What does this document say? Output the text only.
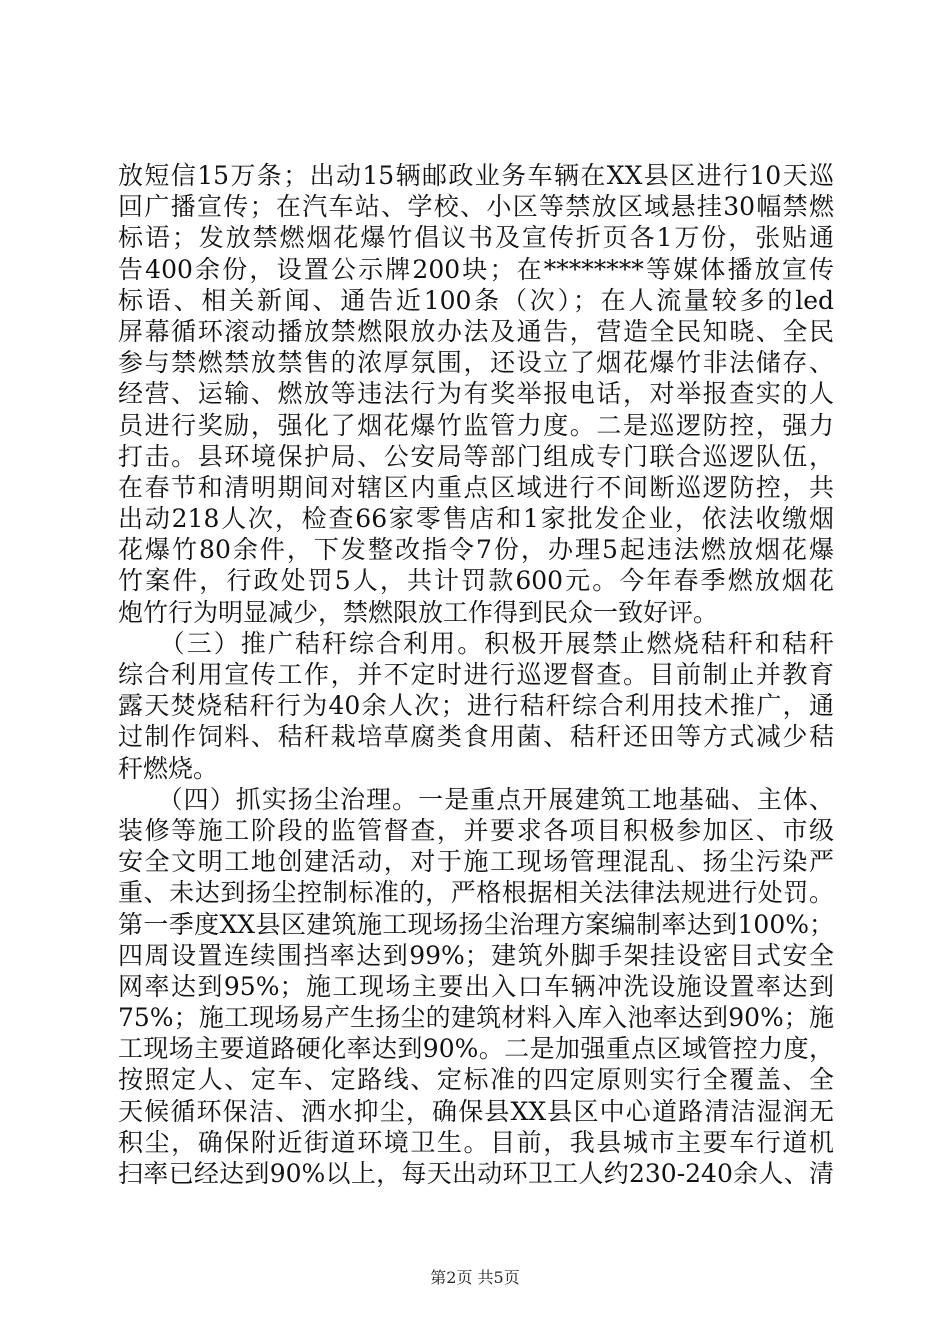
放短信15万条；出动15辆邮政业务车辆在XX县区进行10天巡
回广播宣传；在汽车站、学校、小区等禁放区域悬挂30幅禁燃
标语；发放禁燃烟花爆竹倡议书及宣传折页各1万份，张贴通
告400余份，设置公示牌200块；在********等媒体播放宣传
标语、相关新闻、通告近100条（次）；在人流量较多的led
屏幕循环滚动播放禁燃限放办法及通告，营造全民知晓、全民
参与禁燃禁放禁售的浓厚氛围，还设立了烟花爆竹非法储存、
经营、运输、燃放等违法行为有奖举报电话，对举报查实的人
员进行奖励，强化了烟花爆竹监管力度。二是巡逻防控，强力
打击。县环境保护局、公安局等部门组成专门联合巡逻队伍，
在春节和清明期间对辖区内重点区域进行不间断巡逻防控，共
出动218人次，检查66家零售店和1家批发企业，依法收缴烟
花爆竹80余件，下发整改指令7份，办理5起违法燃放烟花爆
竹案件，行政处罚5人，共计罚款600元。今年春季燃放烟花
炮竹行为明显减少，禁燃限放工作得到民众一致好评。
　　（三）推广秸秆综合利用。积极开展禁止燃烧秸秆和秸秆
综合利用宣传工作，并不定时进行巡逻督查。目前制止并教育
露天焚烧秸秆行为40余人次；进行秸秆综合利用技术推广，通
过制作饲料、秸秆栽培草腐类食用菌、秸秆还田等方式减少秸
秆燃烧。
　　（四）抓实扬尘治理。一是重点开展建筑工地基础、主体、
装修等施工阶段的监管督查，并要求各项目积极参加区、市级
安全文明工地创建活动，对于施工现场管理混乱、扬尘污染严
重、未达到扬尘控制标准的，严格根据相关法律法规进行处罚。
第一季度XX县区建筑施工现场扬尘治理方案编制率达到100%；
四周设置连续围挡率达到99%；建筑外脚手架挂设密目式安全
网率达到95%；施工现场主要出入口车辆冲洗设施设置率达到
75%；施工现场易产生扬尘的建筑材料入库入池率达到90%；施
工现场主要道路硬化率达到90%。二是加强重点区域管控力度，
按照定人、定车、定路线、定标准的四定原则实行全覆盖、全
天候循环保洁、洒水抑尘，确保县XX县区中心道路清洁湿润无
积尘，确保附近街道环境卫生。目前，我县城市主要车行道机
扫率已经达到90%以上，每天出动环卫工人约230-240余人、清
第2页 共5页
